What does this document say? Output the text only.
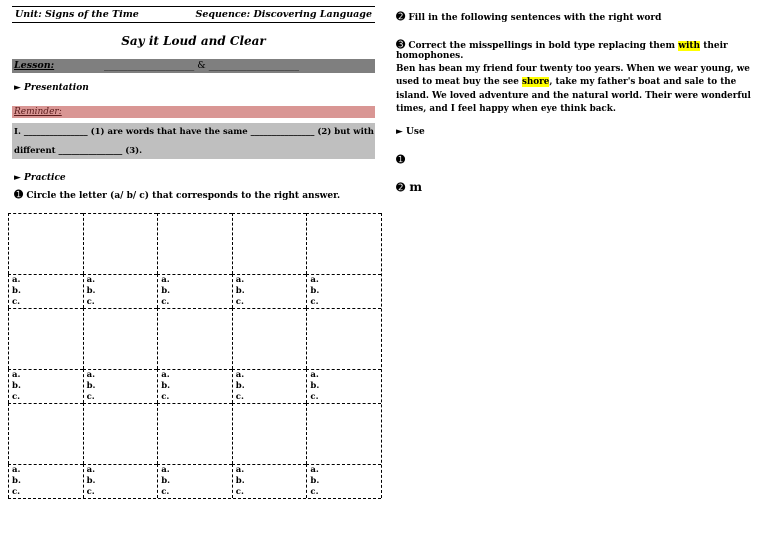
Unit: Signs of the Time	Sequence: Discovering Language
Say it Loud and Clear
Lesson:	___________________ & ___________________
► Presentation
Reminder:
I. _______________ (1) are words that have the same _______________ (2) but with
different _______________ (3).
► Practice
➊ Circle the letter (a/ b/ c) that corresponds to the right answer.
a.
b.
c.
a.
b.
c.
a.
b.
c.
a.
b.
c.
a.
b.
c.
a.
b.
c.
a.
b.
c.
a.
b.
c.
a.
b.
c.
a.
b.
c.
a.
b.
c.
a.
b.
c.
a.
b.
c.
a.
b.
c.
a.
b.
c.
➋ Fill in the following sentences with the right word
➌ Correct the misspellings in bold type replacing them with their homophones.
Ben has bean my friend four twenty too years. When we wear young, we used to meat buy the see shore, take my father's boat and sale to the island. We loved adventure and the natural world. Their were wonderful times, and I feel happy when eye think back.
► Use
➊
➋ m
